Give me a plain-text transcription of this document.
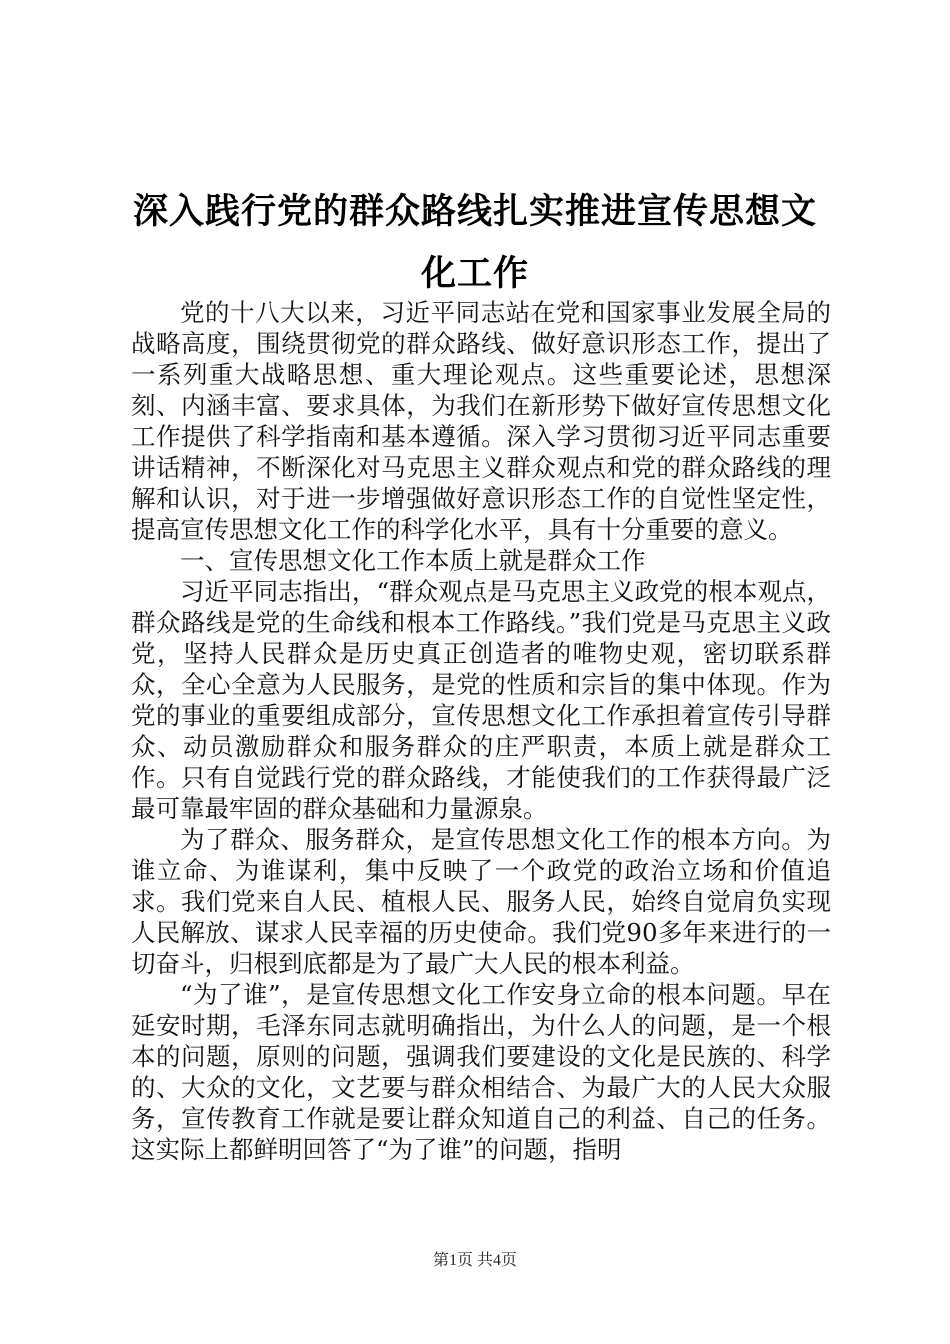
深入践行党的群众路线扎实推进宣传思想文化工作

党的十八大以来，习近平同志站在党和国家事业发展全局的战略高度，围绕贯彻党的群众路线、做好意识形态工作，提出了一系列重大战略思想、重大理论观点。这些重要论述，思想深刻、内涵丰富、要求具体，为我们在新形势下做好宣传思想文化工作提供了科学指南和基本遵循。深入学习贯彻习近平同志重要讲话精神，不断深化对马克思主义群众观点和党的群众路线的理解和认识，对于进一步增强做好意识形态工作的自觉性坚定性，提高宣传思想文化工作的科学化水平，具有十分重要的意义。

一、宣传思想文化工作本质上就是群众工作

习近平同志指出，“群众观点是马克思主义政党的根本观点，群众路线是党的生命线和根本工作路线。”我们党是马克思主义政党，坚持人民群众是历史真正创造者的唯物史观，密切联系群众，全心全意为人民服务，是党的性质和宗旨的集中体现。作为党的事业的重要组成部分，宣传思想文化工作承担着宣传引导群众、动员激励群众和服务群众的庄严职责，本质上就是群众工作。只有自觉践行党的群众路线，才能使我们的工作获得最广泛最可靠最牢固的群众基础和力量源泉。

为了群众、服务群众，是宣传思想文化工作的根本方向。为谁立命、为谁谋利，集中反映了一个政党的政治立场和价值追求。我们党来自人民、植根人民、服务人民，始终自觉肩负实现人民解放、谋求人民幸福的历史使命。我们党90多年来进行的一切奋斗，归根到底都是为了最广大人民的根本利益。

“为了谁”，是宣传思想文化工作安身立命的根本问题。早在延安时期，毛泽东同志就明确指出，为什么人的问题，是一个根本的问题，原则的问题，强调我们要建设的文化是民族的、科学的、大众的文化，文艺要与群众相结合、为最广大的人民大众服务，宣传教育工作就是要让群众知道自己的利益、自己的任务。这实际上都鲜明回答了“为了谁”的问题，指明

第1页 共4页
